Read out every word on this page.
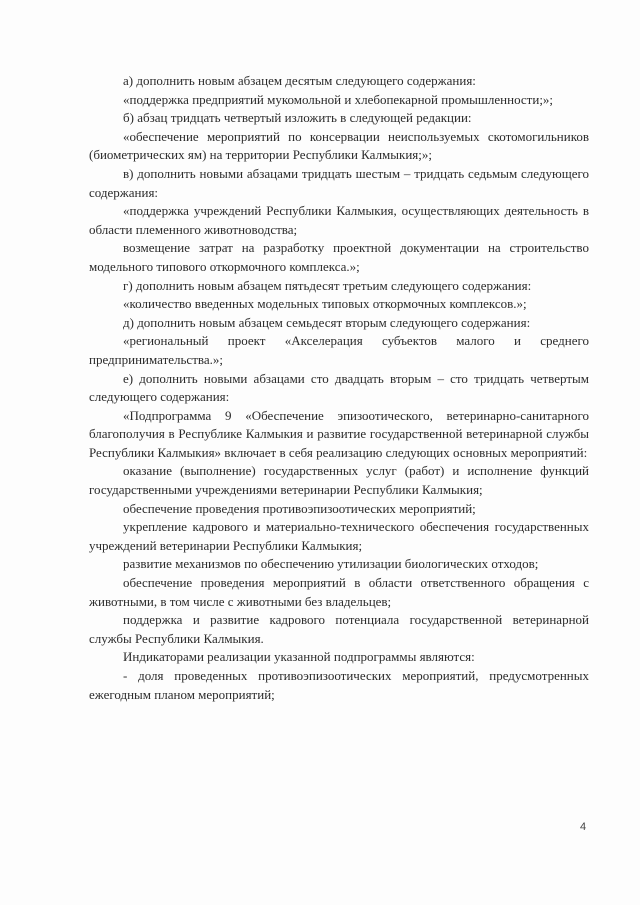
а) дополнить новым абзацем десятым следующего содержания:

«поддержка предприятий мукомольной и хлебопекарной промышленности;»;

б) абзац тридцать четвертый изложить в следующей редакции:

«обеспечение мероприятий по консервации неиспользуемых скотомогильников (биометрических ям) на территории Республики Калмыкия;»;

в) дополнить новыми абзацами тридцать шестым – тридцать седьмым следующего содержания:

«поддержка учреждений Республики Калмыкия, осуществляющих деятельность в области племенного животноводства;

возмещение затрат на разработку проектной документации на строительство модельного типового откормочного комплекса.»;

г) дополнить новым абзацем пятьдесят третьим следующего содержания:

«количество введенных модельных типовых откормочных комплексов.»;

д) дополнить новым абзацем семьдесят вторым следующего содержания:

«региональный проект «Акселерация субъектов малого и среднего предпринимательства.»;

е) дополнить новыми абзацами сто двадцать вторым – сто тридцать четвертым следующего содержания:

«Подпрограмма 9 «Обеспечение эпизоотического, ветеринарно-санитарного благополучия в Республике Калмыкия и развитие государственной ветеринарной службы Республики Калмыкия» включает в себя реализацию следующих основных мероприятий:

оказание (выполнение) государственных услуг (работ) и исполнение функций государственными учреждениями ветеринарии Республики Калмыкия;

обеспечение проведения противоэпизоотических мероприятий;

укрепление кадрового и материально-технического обеспечения государственных учреждений ветеринарии Республики Калмыкия;

развитие механизмов по обеспечению утилизации биологических отходов;

обеспечение проведения мероприятий в области ответственного обращения с животными, в том числе с животными без владельцев;

поддержка и развитие кадрового потенциала государственной ветеринарной службы Республики Калмыкия.

Индикаторами реализации указанной подпрограммы являются:

- доля проведенных противоэпизоотических мероприятий, предусмотренных ежегодным планом мероприятий;

4
